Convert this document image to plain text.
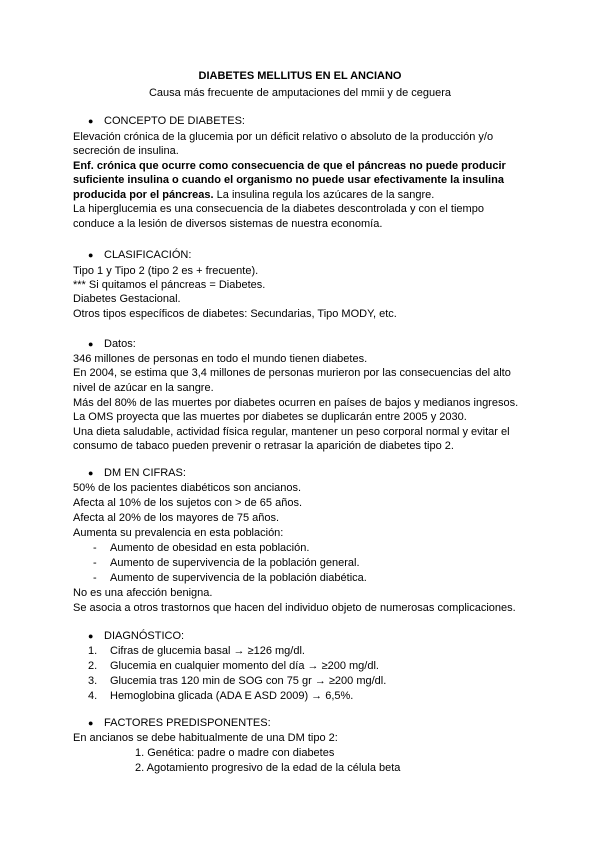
DIABETES MELLITUS EN EL ANCIANO

Causa más frecuente de amputaciones del mmii y de ceguera

● CONCEPTO DE DIABETES:

Elevación crónica de la glucemia por un déficit relativo o absoluto de la producción y/o

secreción de insulina.

Enf. crónica que ocurre como consecuencia de que el páncreas no puede producir

suficiente insulina o cuando el organismo no puede usar efectivamente la insulina

producida por el páncreas. La insulina regula los azúcares de la sangre.

La hiperglucemia es una consecuencia de la diabetes descontrolada y con el tiempo

conduce a la lesión de diversos sistemas de nuestra economía.

● CLASIFICACIÓN:

Tipo 1 y Tipo 2 (tipo 2 es + frecuente).

*** Si quitamos el páncreas = Diabetes.

Diabetes Gestacional.

Otros tipos específicos de diabetes: Secundarias, Tipo MODY, etc.

● Datos:

346 millones de personas en todo el mundo tienen diabetes.

En 2004, se estima que 3,4 millones de personas murieron por las consecuencias del alto

nivel de azúcar en la sangre.

Más del 80% de las muertes por diabetes ocurren en países de bajos y medianos ingresos.

La OMS proyecta que las muertes por diabetes se duplicarán entre 2005 y 2030.

Una dieta saludable, actividad física regular, mantener un peso corporal normal y evitar el

consumo de tabaco pueden prevenir o retrasar la aparición de diabetes tipo 2.

● DM EN CIFRAS:

50% de los pacientes diabéticos son ancianos.

Afecta al 10% de los sujetos con > de 65 años.

Afecta al 20% de los mayores de 75 años.

Aumenta su prevalencia en esta población:

- Aumento de obesidad en esta población.

- Aumento de supervivencia de la población general.

- Aumento de supervivencia de la población diabética.

No es una afección benigna.

Se asocia a otros trastornos que hacen del individuo objeto de numerosas complicaciones.

● DIAGNÓSTICO:

1. Cifras de glucemia basal → ≥126 mg/dl.

2. Glucemia en cualquier momento del día → ≥200 mg/dl.

3. Glucemia tras 120 min de SOG con 75 gr → ≥200 mg/dl.

4. Hemoglobina glicada (ADA E ASD 2009) → 6,5%.

● FACTORES PREDISPONENTES:

En ancianos se debe habitualmente de una DM tipo 2:

1. Genética: padre o madre con diabetes

2. Agotamiento progresivo de la edad de la célula beta
